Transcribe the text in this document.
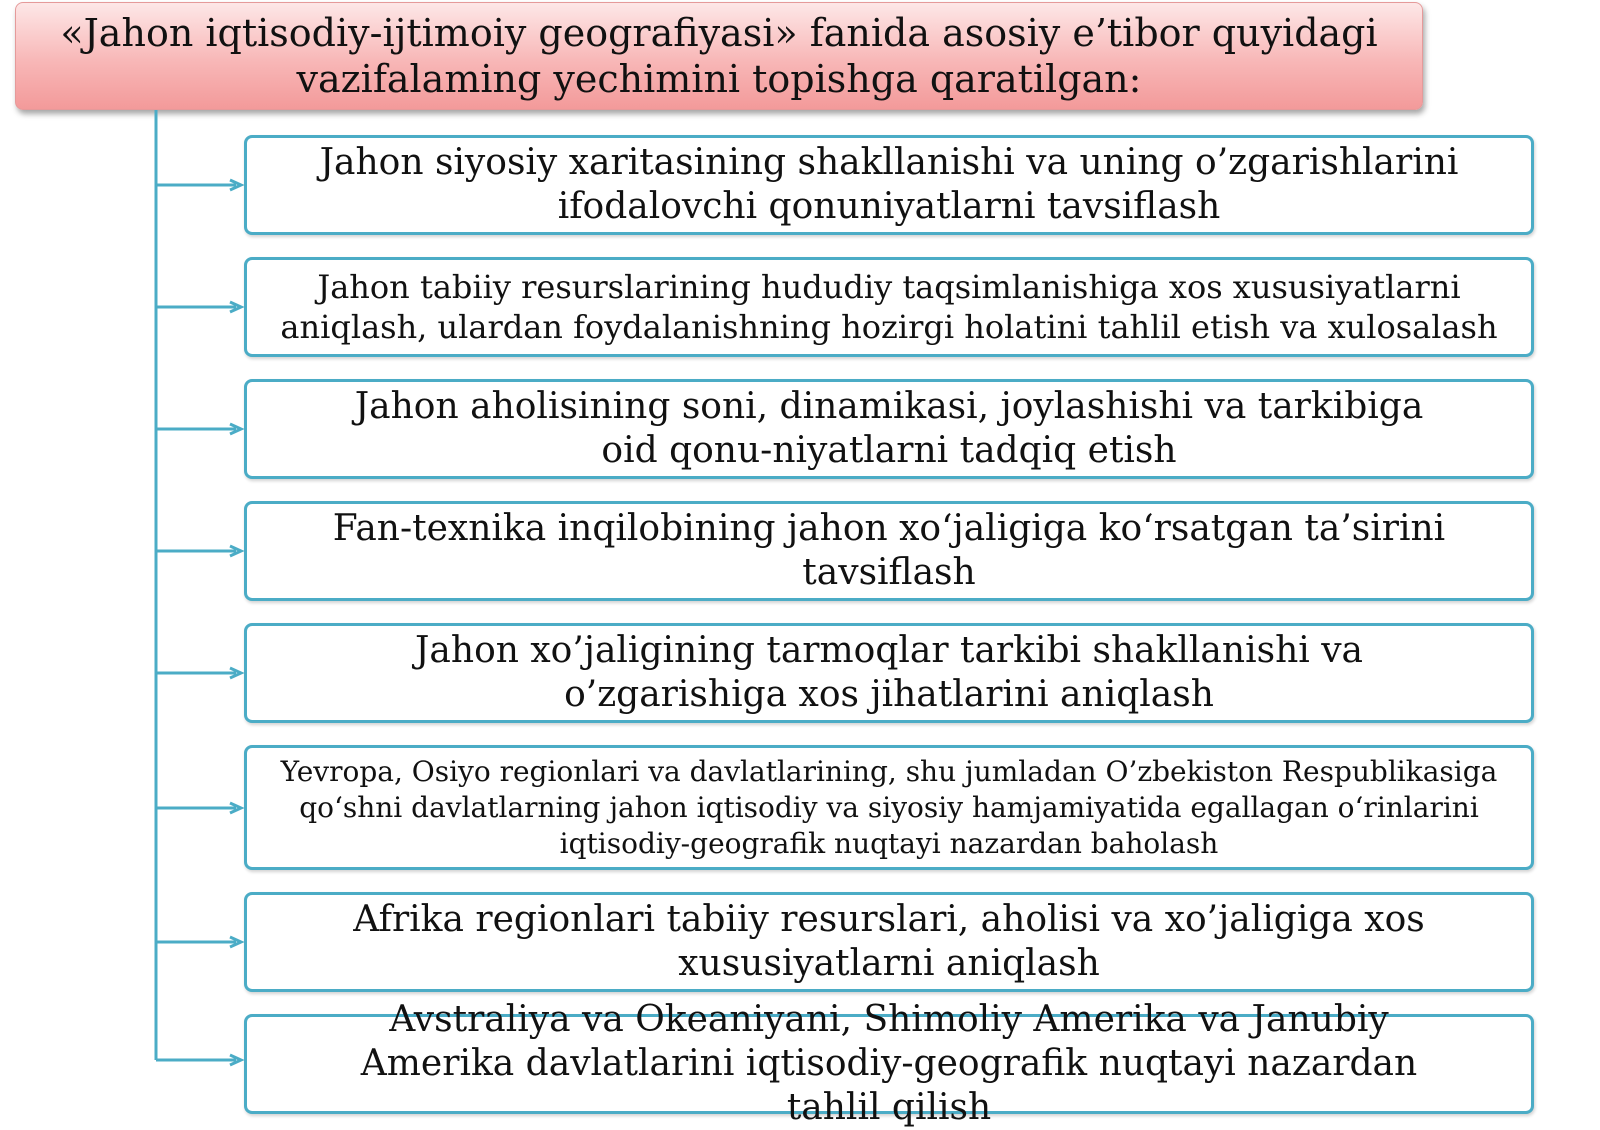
«Jahon iqtisodiy-ijtimoiy geografiyasi» fanida asosiy e’tibor quyidagi vazifalaming yechimini topishga qaratilgan:
Jahon siyosiy xaritasining shakllanishi va uning o’zgarishlarini ifodalovchi qonuniyatlarni tavsiflash
Jahon tabiiy resurslarining hududiy taqsimlanishiga xos xususiyatlarni aniqlash, ulardan foydalanishning hozirgi holatini tahlil etish va xulosalash
Jahon aholisining soni, dinamikasi, joylashishi va tarkibiga oid qonu-niyatlarni tadqiq etish
Fan-texnika inqilobining jahon xo‘jaligiga ko‘rsatgan ta’sirini tavsiflash
Jahon xo’jaligining tarmoqlar tarkibi shakllanishi va o’zgarishiga xos jihatlarini aniqlash
Yevropa, Osiyo regionlari va davlatlarining, shu jumladan O’zbekiston Respublikasiga qo‘shni davlatlarning jahon iqtisodiy va siyosiy hamjamiyatida egallagan o‘rinlarini iqtisodiy-geografik nuqtayi nazardan baholash
Afrika regionlari tabiiy resurslari, aholisi va xo’jaligiga xos xususiyatlarni aniqlash
Avstraliya va Okeaniyani, Shimoliy Amerika va Janubiy Amerika davlatlarini iqtisodiy-geografik nuqtayi nazardan tahlil qilish
